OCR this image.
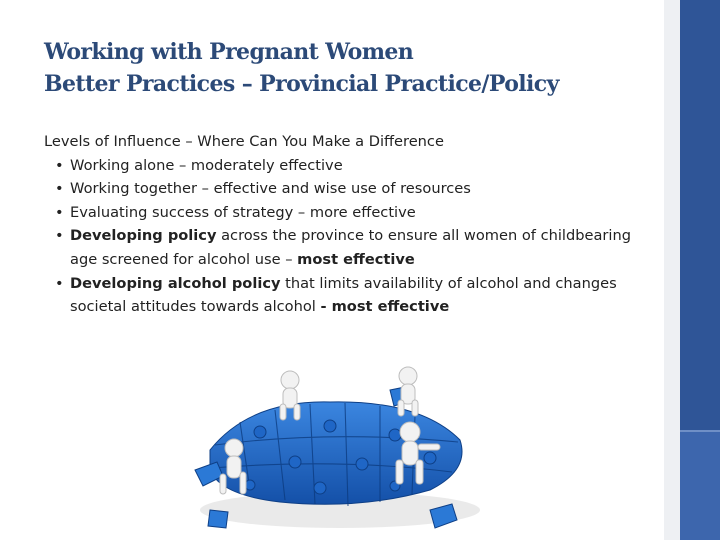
Working with Pregnant Women
Better Practices – Provincial Practice/Policy
Levels of Influence – Where Can You Make a Difference
• Working alone – moderately effective
• Working together – effective and wise use of resources
• Evaluating success of strategy – more effective
• Developing policy across the province to ensure all women of childbearing age screened for alcohol use – most effective
• Developing alcohol policy that limits availability of alcohol and changes societal attitudes towards alcohol - most effective
